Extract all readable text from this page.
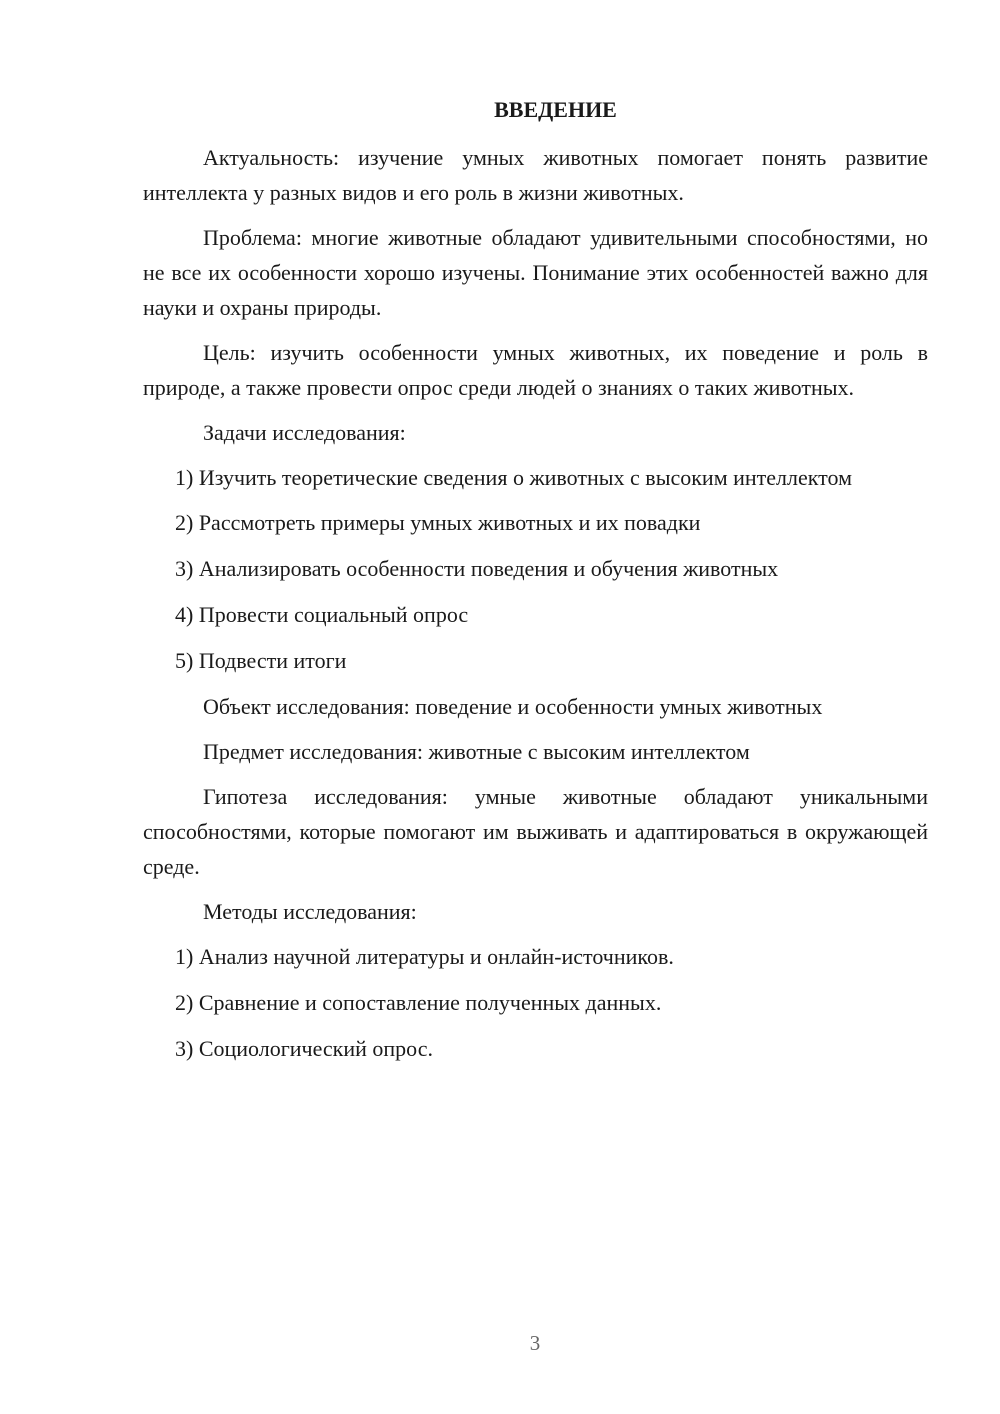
ВВЕДЕНИЕ

Актуальность: изучение умных животных помогает понять развитие интеллекта у разных видов и его роль в жизни животных.

Проблема: многие животные обладают удивительными способностями, но не все их особенности хорошо изучены. Понимание этих особенностей важно для науки и охраны природы.

Цель: изучить особенности умных животных, их поведение и роль в природе, а также провести опрос среди людей о знаниях о таких животных.

Задачи исследования:

1) Изучить теоретические сведения о животных с высоким интеллектом

2) Рассмотреть примеры умных животных и их повадки

3) Анализировать особенности поведения и обучения животных

4) Провести социальный опрос

5) Подвести итоги

Объект исследования: поведение и особенности умных животных

Предмет исследования: животные с высоким интеллектом

Гипотеза исследования: умные животные обладают уникальными способностями, которые помогают им выживать и адаптироваться в окружающей среде.

Методы исследования:

1) Анализ научной литературы и онлайн-источников.

2) Сравнение и сопоставление полученных данных.

3) Социологический опрос.

3
